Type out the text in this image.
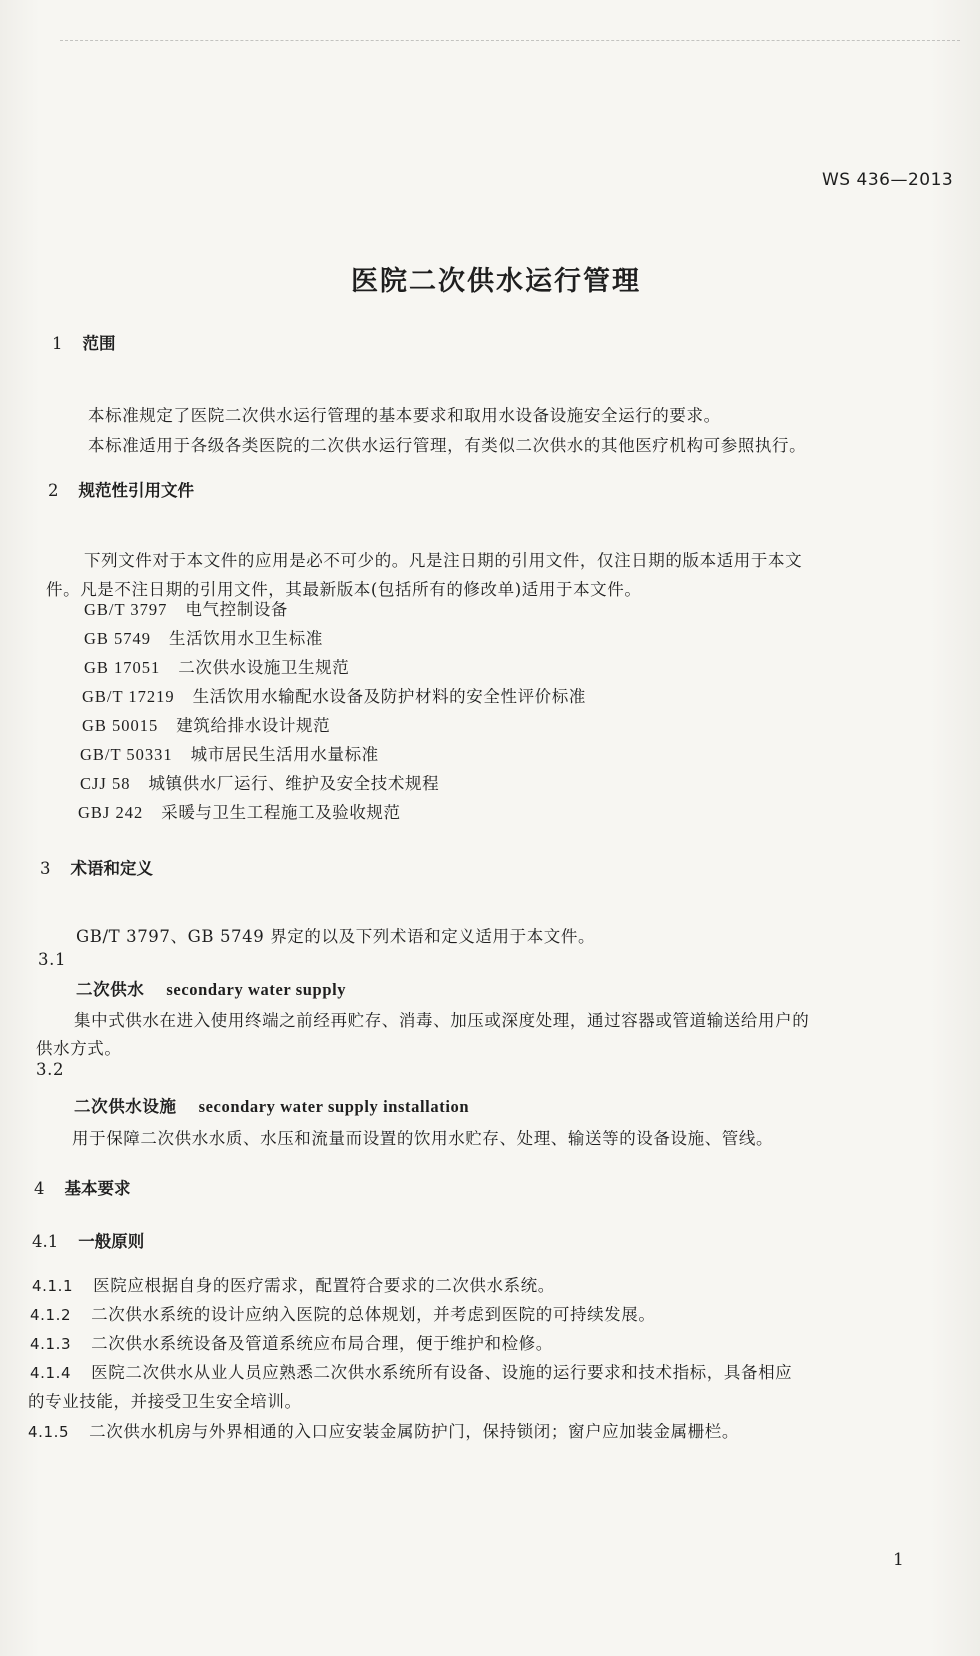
WS 436—2013
医院二次供水运行管理
1 范围
本标准规定了医院二次供水运行管理的基本要求和取用水设备设施安全运行的要求。
本标准适用于各级各类医院的二次供水运行管理，有类似二次供水的其他医疗机构可参照执行。
2 规范性引用文件
下列文件对于本文件的应用是必不可少的。凡是注日期的引用文件，仅注日期的版本适用于本文
件。凡是不注日期的引用文件，其最新版本(包括所有的修改单)适用于本文件。
GB/T 3797 电气控制设备
GB 5749 生活饮用水卫生标准
GB 17051 二次供水设施卫生规范
GB/T 17219 生活饮用水输配水设备及防护材料的安全性评价标准
GB 50015 建筑给排水设计规范
GB/T 50331 城市居民生活用水量标准
CJJ 58 城镇供水厂运行、维护及安全技术规程
GBJ 242 采暖与卫生工程施工及验收规范
3 术语和定义
GB/T 3797、GB 5749 界定的以及下列术语和定义适用于本文件。
3.1
二次供水 secondary water supply
集中式供水在进入使用终端之前经再贮存、消毒、加压或深度处理，通过容器或管道输送给用户的
供水方式。
3.2
二次供水设施 secondary water supply installation
用于保障二次供水水质、水压和流量而设置的饮用水贮存、处理、输送等的设备设施、管线。
4 基本要求
4.1 一般原则
4.1.1 医院应根据自身的医疗需求，配置符合要求的二次供水系统。
4.1.2 二次供水系统的设计应纳入医院的总体规划，并考虑到医院的可持续发展。
4.1.3 二次供水系统设备及管道系统应布局合理，便于维护和检修。
4.1.4 医院二次供水从业人员应熟悉二次供水系统所有设备、设施的运行要求和技术指标，具备相应
的专业技能，并接受卫生安全培训。
4.1.5 二次供水机房与外界相通的入口应安装金属防护门，保持锁闭；窗户应加装金属栅栏。
1
